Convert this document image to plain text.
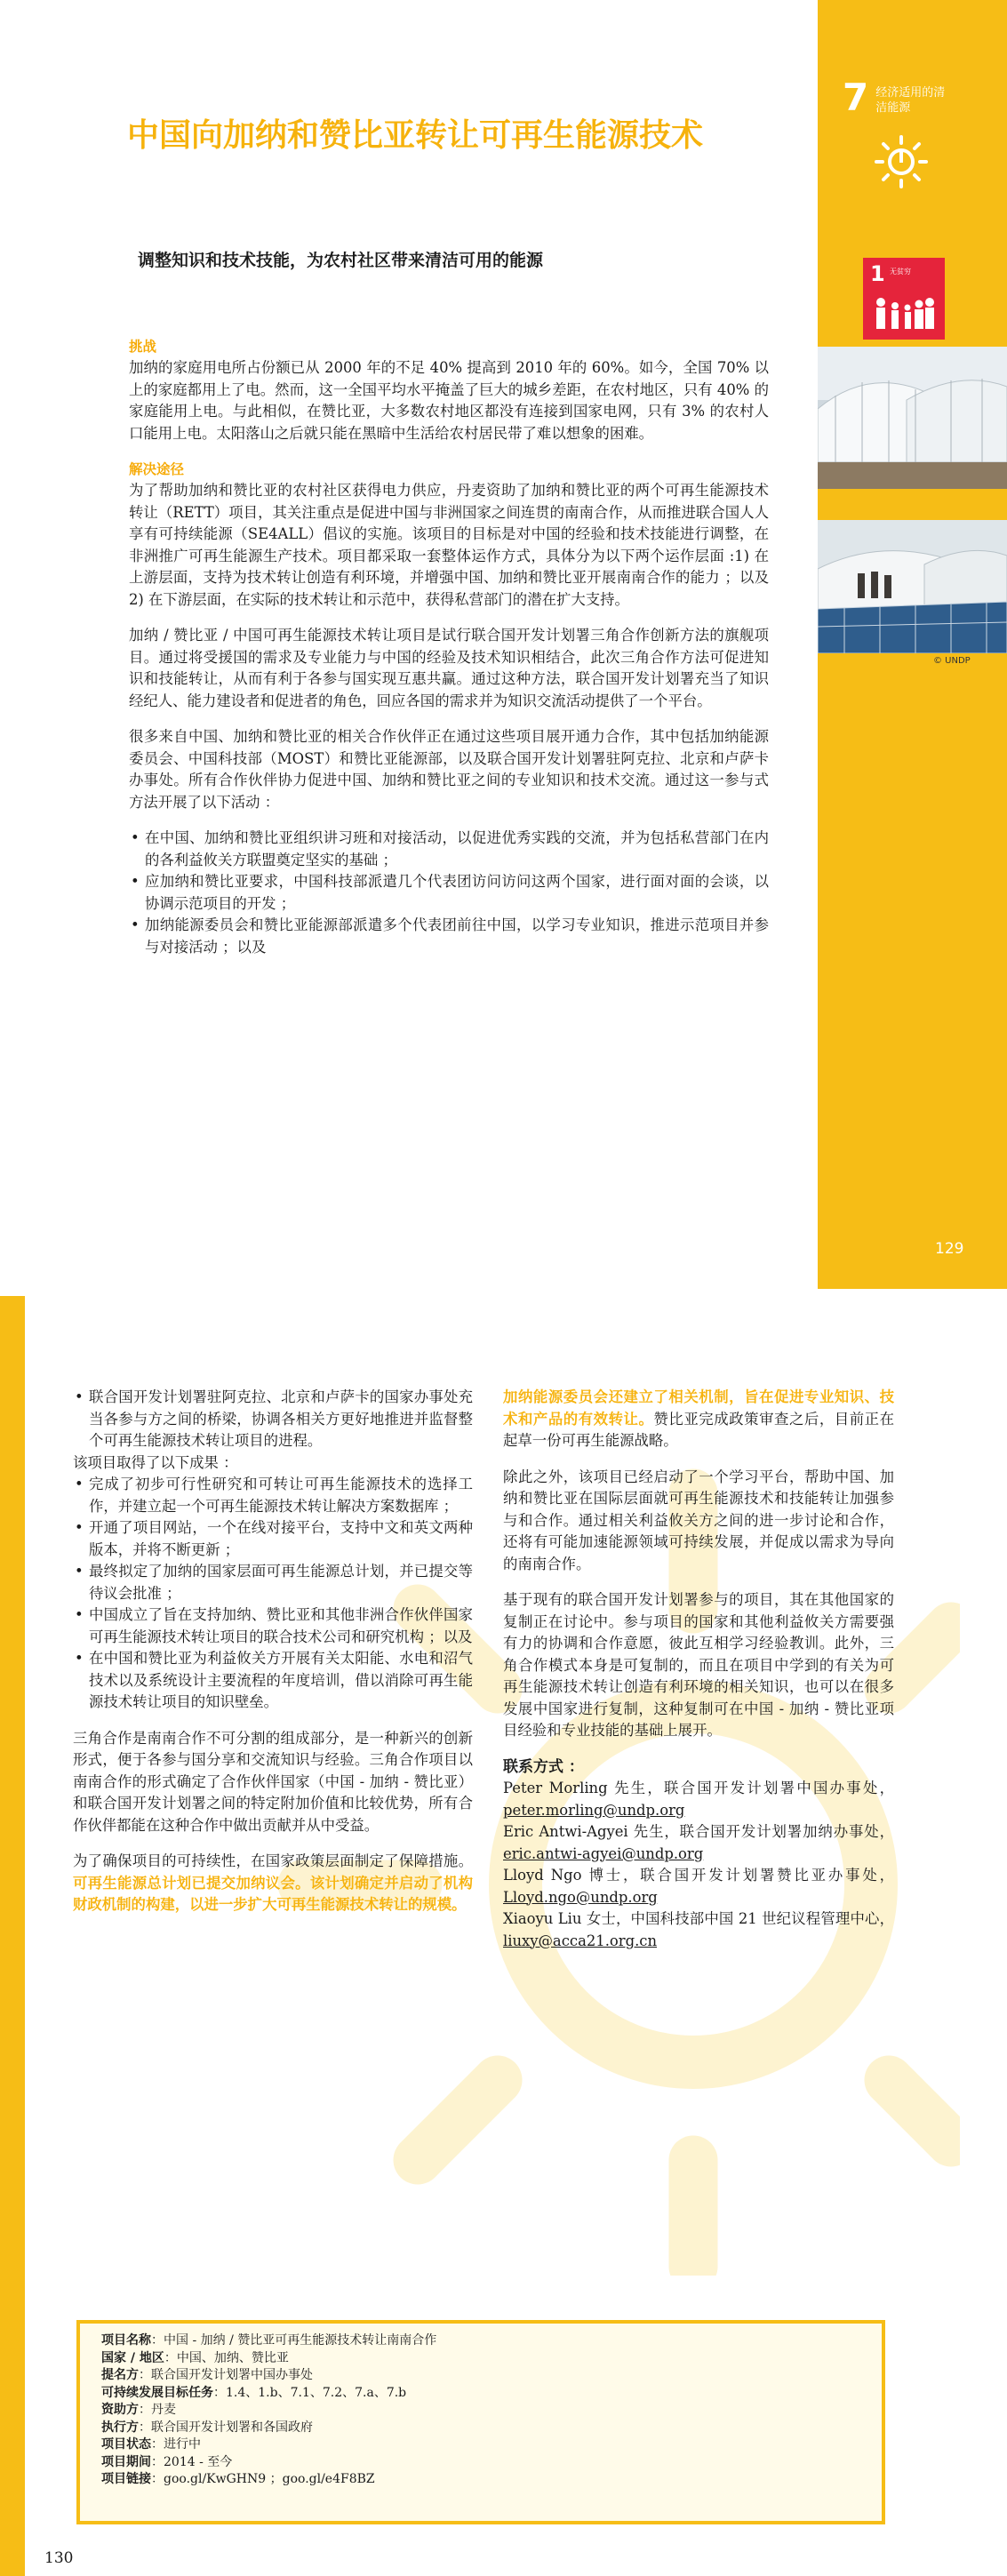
7 经济适用的清洁能源
1 无贫穷
© UNDP
中国向加纳和赞比亚转让可再生能源技术
调整知识和技术技能，为农村社区带来清洁可用的能源
挑战

加纳的家庭用电所占份额已从 2000 年的不足 40% 提高到 2010 年的 60%。如今，全国 70% 以上的家庭都用上了电。然而，这一全国平均水平掩盖了巨大的城乡差距，在农村地区，只有 40% 的家庭能用上电。与此相似，在赞比亚，大多数农村地区都没有连接到国家电网，只有 3% 的农村人口能用上电。太阳落山之后就只能在黑暗中生活给农村居民带了难以想象的困难。

解决途径

为了帮助加纳和赞比亚的农村社区获得电力供应，丹麦资助了加纳和赞比亚的两个可再生能源技术转让（RETT）项目，其关注重点是促进中国与非洲国家之间连贯的南南合作，从而推进联合国人人享有可持续能源（SE4ALL）倡议的实施。该项目的目标是对中国的经验和技术技能进行调整，在非洲推广可再生能源生产技术。项目都采取一套整体运作方式，具体分为以下两个运作层面 :1) 在上游层面，支持为技术转让创造有利环境，并增强中国、加纳和赞比亚开展南南合作的能力 ；以及 2) 在下游层面，在实际的技术转让和示范中，获得私营部门的潜在扩大支持。

加纳 / 赞比亚 / 中国可再生能源技术转让项目是试行联合国开发计划署三角合作创新方法的旗舰项目。通过将受援国的需求及专业能力与中国的经验及技术知识相结合，此次三角合作方法可促进知识和技能转让，从而有利于各参与国实现互惠共赢。通过这种方法，联合国开发计划署充当了知识经纪人、能力建设者和促进者的角色，回应各国的需求并为知识交流活动提供了一个平台。

很多来自中国、加纳和赞比亚的相关合作伙伴正在通过这些项目展开通力合作，其中包括加纳能源委员会、中国科技部（MOST）和赞比亚能源部，以及联合国开发计划署驻阿克拉、北京和卢萨卡办事处。所有合作伙伴协力促进中国、加纳和赞比亚之间的专业知识和技术交流。通过这一参与式方法开展了以下活动 ：

• 在中国、加纳和赞比亚组织讲习班和对接活动，以促进优秀实践的交流，并为包括私营部门在内的各利益攸关方联盟奠定坚实的基础 ；
• 应加纳和赞比亚要求，中国科技部派遣几个代表团访问访问这两个国家，进行面对面的会谈，以协调示范项目的开发 ；
• 加纳能源委员会和赞比亚能源部派遣多个代表团前往中国，以学习专业知识，推进示范项目并参与对接活动 ；以及
129
• 联合国开发计划署驻阿克拉、北京和卢萨卡的国家办事处充当各参与方之间的桥梁，协调各相关方更好地推进并监督整个可再生能源技术转让项目的进程。
该项目取得了以下成果 ：
• 完成了初步可行性研究和可转让可再生能源技术的选择工作，并建立起一个可再生能源技术转让解决方案数据库 ；
• 开通了项目网站，一个在线对接平台，支持中文和英文两种版本，并将不断更新 ；
• 最终拟定了加纳的国家层面可再生能源总计划，并已提交等待议会批准 ；
• 中国成立了旨在支持加纳、赞比亚和其他非洲合作伙伴国家可再生能源技术转让项目的联合技术公司和研究机构 ；以及
• 在中国和赞比亚为利益攸关方开展有关太阳能、水电和沼气技术以及系统设计主要流程的年度培训，借以消除可再生能源技术转让项目的知识壁垒。

三角合作是南南合作不可分割的组成部分，是一种新兴的创新形式，便于各参与国分享和交流知识与经验。三角合作项目以南南合作的形式确定了合作伙伴国家（中国 - 加纳 - 赞比亚）和联合国开发计划署之间的特定附加价值和比较优势，所有合作伙伴都能在这种合作中做出贡献并从中受益。

为了确保项目的可持续性，在国家政策层面制定了保障措施。可再生能源总计划已提交加纳议会。该计划确定并启动了机构财政机制的构建，以进一步扩大可再生能源技术转让的规模。

加纳能源委员会还建立了相关机制，旨在促进专业知识、技术和产品的有效转让。赞比亚完成政策审查之后，目前正在起草一份可再生能源战略。

除此之外，该项目已经启动了一个学习平台，帮助中国、加纳和赞比亚在国际层面就可再生能源技术和技能转让加强参与和合作。通过相关利益攸关方之间的进一步讨论和合作，还将有可能加速能源领域可持续发展，并促成以需求为导向的南南合作。

基于现有的联合国开发计划署参与的项目，其在其他国家的复制正在讨论中。参与项目的国家和其他利益攸关方需要强有力的协调和合作意愿，彼此互相学习经验教训。此外，三角合作模式本身是可复制的，而且在项目中学到的有关为可再生能源技术转让创造有利环境的相关知识，也可以在很多发展中国家进行复制，这种复制可在中国 - 加纳 - 赞比亚项目经验和专业技能的基础上展开。

联系方式 ：
Peter Morling 先生，联合国开发计划署中国办事处，peter.morling@undp.org
Eric Antwi-Agyei 先生，联合国开发计划署加纳办事处，eric.antwi-agyei@undp.org
Lloyd Ngo 博士，联合国开发计划署赞比亚办事处，Lloyd.ngo@undp.org
Xiaoyu Liu 女士，中国科技部中国 21 世纪议程管理中心，liuxy@acca21.org.cn
项目名称：中国 - 加纳 / 赞比亚可再生能源技术转让南南合作
国家 / 地区：中国、加纳、赞比亚
提名方：联合国开发计划署中国办事处
可持续发展目标任务：1.4、1.b、7.1、7.2、7.a、7.b
资助方：丹麦
执行方：联合国开发计划署和各国政府
项目状态：进行中
项目期间：2014 - 至今
项目链接：goo.gl/KwGHN9 ；goo.gl/e4F8BZ
130
